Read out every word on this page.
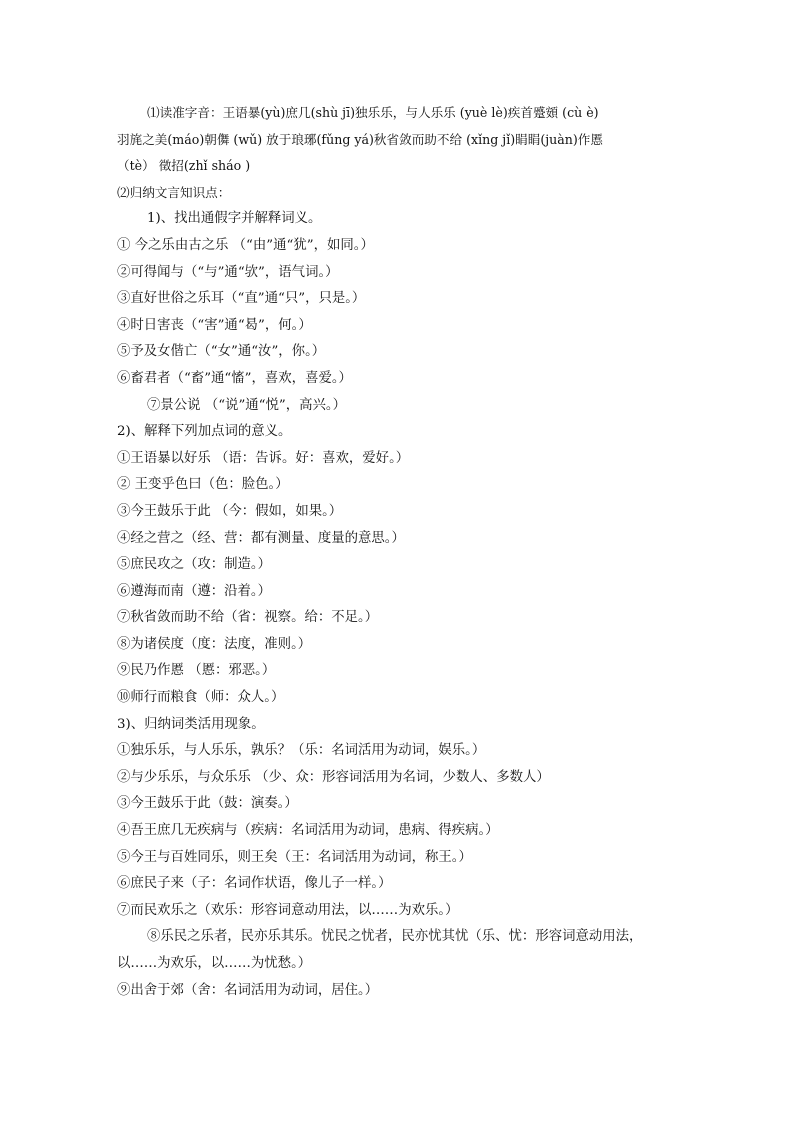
⑴读准字音：王语暴(yù)庶几(shù jī)独乐乐，与人乐乐 (yuè lè)疾首蹙頞 (cù è)
羽旄之美(máo)朝儛 (wǔ) 放于琅琊(fǔng yá)秋省敛而助不给 (xǐng jǐ)睊睊(juàn)作慝
（tè） 徵招(zhǐ sháo )
⑵归纳文言知识点：
1)、找出通假字并解释词义。
① 今之乐由古之乐 （“由”通“犹”，如同。）
②可得闻与（“与”通“欤”，语气词。）
③直好世俗之乐耳（“直”通“只”，只是。）
④时日害丧（“害”通“曷”，何。）
⑤予及女偕亡（“女”通“汝”，你。）
⑥畜君者（“畜”通“慉”，喜欢，喜爱。）
⑦景公说 （“说”通“悦”，高兴。）
2)、解释下列加点词的意义。
①王语暴以好乐 （语：告诉。好：喜欢，爱好。）
② 王变乎色曰（色：脸色。）
③今王鼓乐于此 （今：假如，如果。）
④经之营之（经、营：都有测量、度量的意思。）
⑤庶民攻之（攻：制造。）
⑥遵海而南（遵：沿着。）
⑦秋省敛而助不给（省：视察。给：不足。）
⑧为诸侯度（度：法度，准则。）
⑨民乃作慝 （慝：邪恶。）
⑩师行而粮食（师：众人。）
3)、归纳词类活用现象。
①独乐乐，与人乐乐，孰乐？（乐：名词活用为动词，娱乐。）
②与少乐乐，与众乐乐 （少、众：形容词活用为名词，少数人、多数人）
③今王鼓乐于此（鼓：演奏。）
④吾王庶几无疾病与（疾病：名词活用为动词，患病、得疾病。）
⑤今王与百姓同乐，则王矣（王：名词活用为动词，称王。）
⑥庶民子来（子：名词作状语，像儿子一样。）
⑦而民欢乐之（欢乐：形容词意动用法，以……为欢乐。）
⑧乐民之乐者，民亦乐其乐。忧民之忧者，民亦忧其忧（乐、忧：形容词意动用法，
以……为欢乐，以……为忧愁。）
⑨出舍于郊（舍：名词活用为动词，居住。）
